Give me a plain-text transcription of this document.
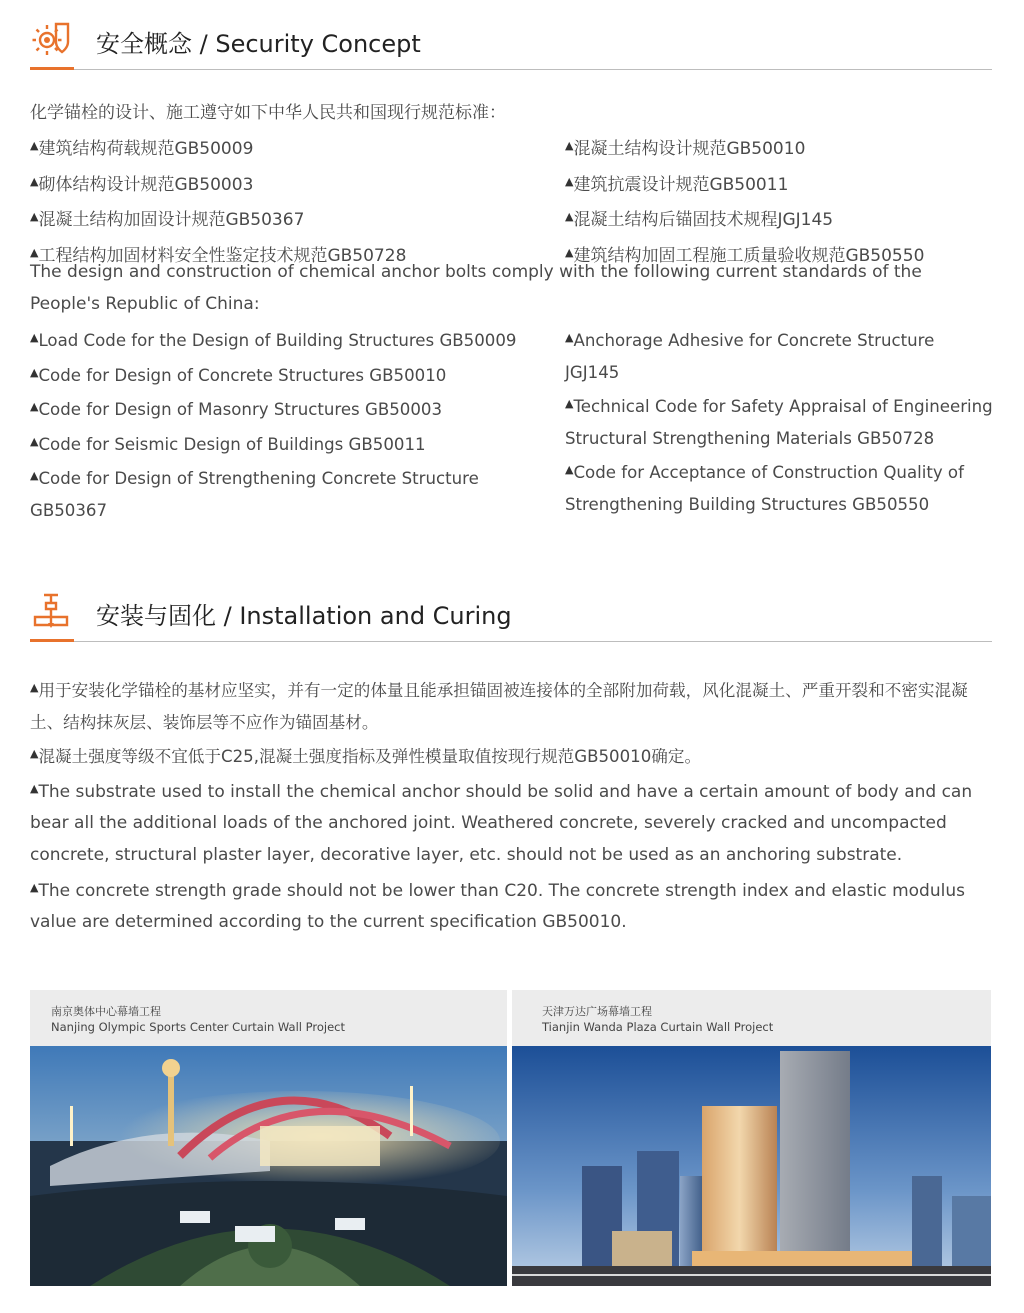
安全概念 / Security Concept
化学锚栓的设计、施工遵守如下中华人民共和国现行规范标准：
▲建筑结构荷载规范GB50009
▲砌体结构设计规范GB50003
▲混凝土结构加固设计规范GB50367
▲工程结构加固材料安全性鉴定技术规范GB50728
▲混凝土结构设计规范GB50010
▲建筑抗震设计规范GB50011
▲混凝土结构后锚固技术规程JGJ145
▲建筑结构加固工程施工质量验收规范GB50550
The design and construction of chemical anchor bolts comply with the following current standards of the People's Republic of China:
▲Load Code for the Design of Building Structures GB50009
▲Code for Design of Concrete Structures GB50010
▲Code for Design of Masonry Structures GB50003
▲Code for Seismic Design of Buildings GB50011
▲Code for Design of Strengthening Concrete Structure GB50367
▲Anchorage Adhesive for Concrete Structure JGJ145
▲Technical Code for Safety Appraisal of Engineering Structural Strengthening Materials GB50728
▲Code for Acceptance of Construction Quality of Strengthening Building Structures GB50550
安装与固化 / Installation and Curing
▲用于安装化学锚栓的基材应坚实，并有一定的体量且能承担锚固被连接体的全部附加荷载，风化混凝土、严重开裂和不密实混凝土、结构抹灰层、装饰层等不应作为锚固基材。
▲混凝土强度等级不宜低于C25,混凝土强度指标及弹性模量取值按现行规范GB50010确定。
▲The substrate used to install the chemical anchor should be solid and have a certain amount of body and can bear all the additional loads of the anchored joint. Weathered concrete, severely cracked and uncompacted concrete, structural plaster layer, decorative layer, etc. should not be used as an anchoring substrate.
▲The concrete strength grade should not be lower than C20. The concrete strength index and elastic modulus value are determined according to the current specification GB50010.
南京奥体中心幕墙工程
Nanjing Olympic Sports Center Curtain Wall Project
天津万达广场幕墙工程
Tianjin Wanda Plaza Curtain Wall Project
